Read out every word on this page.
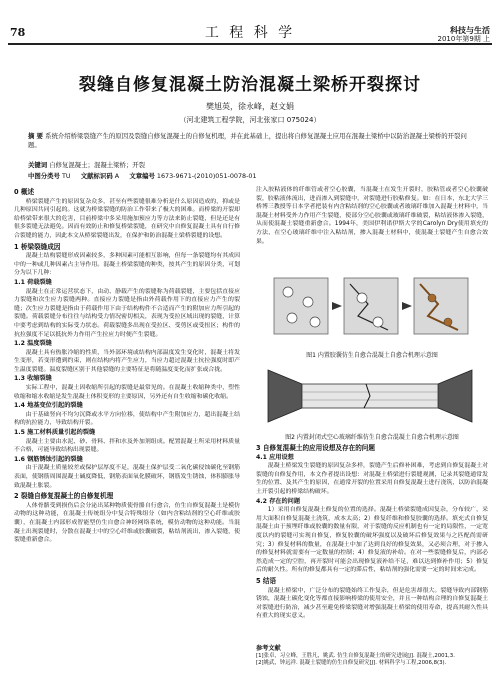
78	工 程 科 学	科技与生活
2010年第9期 上
裂缝自修复混凝土防治混凝土梁桥开裂探讨
樊旭英，徐永峰，赵文娟
（河北建筑工程学院，河北张家口 075024）
摘 要 系统介绍桥梁裂缝产生的原因及裂缝自修复混凝土的自修复机理，并在此基础上，提出将自修复混凝土应用在混凝土梁桥中以防治混凝土梁桥的开裂问题。
关键词 自修复混凝土；混凝土梁桥；开裂
中图分类号 TU 文献标识码 A 文章编号 1673-9671-(2010)051-0078-01
0 概述

桥梁裂缝产生的原因复杂众多，甚至有些裂缝很难分析是什么原因造成的，抑或是几种原因共同引起的。这就为桥梁裂缝的防治工作带来了极大的困难。而桥梁的开裂却给桥梁带来很大的危害，目前桥梁中多采用施加预应力等方法来防止裂缝，但是还是有很多裂缝无法避免。因而有效防止和修复桥梁裂缝，在研究中自修复混凝土具有自行修合裂缝的能力，因此本文从桥梁裂缝出发，在保护和防治混凝土梁桥裂缝的设想。

1 桥梁裂缝成因

混凝土结构裂缝形成因素较多，多种因素可能相互影响，但每一条裂缝均有其成因中的一种或几种因素占主导作用。混凝土桥梁裂缝的种类，按其产生的原因分类，可划分为以下几种：

1.1 荷载裂缝

混凝土在正常运营状态下，由动、静载产生的裂缝称为荷载裂缝，主要包括直接应力裂缝和次生应力裂缝两种。直接应力裂缝是指由外荷载作用下的直接应力产生的裂缝；次生应力裂缝是指由于荷载作用下由于结构构件不合适而产生的附加应力所引起的裂缝。荷载裂缝分布往往与结构受力情况密切相关，表现为受拉区域出现的裂缝，计算中要考虑到结构的实际受力状态。荷载裂缝多出现在受拉区、受剪区或受扭区；构件的抗拉强度不足以抵抗外力作用产生拉应力时便产生裂缝。

1.2 温度裂缝

混凝土具有热胀冷缩的性质，当外部环境或结构内部温度发生变化时，混凝土将发生变形，若变形遭到约束，则在结构内将产生应力，当应力超过混凝土抗拉强度时即产生温度裂缝。温度裂缝区别于其他裂缝的主要特征是将随温度变化而扩张或合拢。

1.3 收缩裂缝

实际工程中，混凝土因收缩所引起的裂缝是最常见的。在混凝土收缩种类中，塑性收缩和缩水收缩是发生混凝土体积变形的主要原因，另外还有自生收缩和碳化收缩。

1.4 地基变位引起的裂缝

由于基础竖向不均匀沉降或水平方向位移，使结构中产生附加应力，超出混凝土结构的抗拉能力，导致结构开裂。

1.5 施工材料质量引起的裂缝

混凝土主要由水泥、砂、骨料、拌和水及外加剂组成。配置混凝土所采用材料质量不合格，可能导致结构出现裂缝。

1.6 钢筋锈蚀引起的裂缝

由于混凝土质量较差或保护层厚度不足，混凝土保护层受二氧化碳侵蚀碳化至钢筋表面，使钢筋周围混凝土碱度降低，钢筋表面氧化膜破坏，钢筋发生锈蚀，体积膨胀导致混凝土胀裂。

2 裂缝自修复混凝土的自修复机理

人体骨骼受到损伤后会分泌出某种物质使骨骼自行愈合，仿生自修复混凝土是模仿动物的这种功能，在混凝土传统组分中复合特殊组分（如内含粘结剂的空心纤维或胶囊），在混凝土内部形成智能型仿生自愈合神经网络系统，模仿动物的这种功能。当混凝土出现裂缝时，分散在混凝土中的空心纤维或胶囊破裂，粘结剂流出，渗入裂缝，使裂缝重新愈合。

注入胶粘液体的纤维管或者空心胶囊，当混凝土在发生开裂时，胶粘管或者空心胶囊破裂，胶粘液体流出，进而渗入到裂缝中，对裂缝进行胶粘修复。如：在日本，东北大学三桥博三教授等日本学者把装有内含粘结剂的空心胶囊或者玻璃纤维加入混凝土材料中，当混凝土材料受外力作用产生裂缝，使部分空心胶囊或玻璃纤维破裂，粘结液体渗入裂缝，从而使混凝土裂缝重新愈合。1994年，美国伊利诺伊斯大学的Carolyn Dry使用填充的方法，在空心玻璃纤维中注入粘结剂，掺入混凝土材料中，使混凝土裂缝产生自愈合效果。

图1 内置胶囊仿生自愈合混凝土自愈合机理示意图
图2 内置封闭式空心玻璃纤维仿生自愈合混凝土自愈合机理示意图
3 自修复混凝土的应用设想及存在的问题
4.1 应用设想

混凝土桥梁发生裂缝的原因复杂多样，裂缝产生后修补困难，考虑到自修复混凝土对裂缝的自修复作用，本文作者提出设想：对混凝土桥梁进行裂缝观测，记录其裂缝通常发生的位置、及其产生的原因，在通常开裂的位置采用自修复混凝土进行浇筑，以防治混凝土开裂引起的桥梁结构破坏。

4.2 存在的问题

1）采用自修复混凝土修复的位置的选择。混凝土桥梁裂缝成因复杂，分布较广，采用大面积自修复混凝土浇筑，成本太高；2）修复纤维和修复胶囊的选择。填充式自修复混凝土由于预埋纤维或胶囊的数量有限，对于裂缝的反应机制也有一定的局限性，一定宽度以内的裂缝可实现自修复，修复胶囊的破坏强度以及破坏后修复效果与之匹配尚需研究；3）修复材料的数量，在混凝土中加了达到良好的修复效果，又必须合理，对于掺入的修复材料就需要有一定数量的控制；4）修复液的补给。在对一些裂缝修复后，内部必然造成一定的空腔，再开裂时可能会出现修复液补给不足，难以达到修补作用；5）修复后的耐久性。所有的修复都具有一定的滞后性，粘结剂的强化需要一定的时间来完成。

5 结语

混凝土桥梁中，广泛分布的裂缝始终工作复杂，但是危害却很大。裂缝导致内部钢筋锈蚀，混凝土碳化变化等都直接影响桥梁的使用安全，并且一种结构合理的自修复混凝土对裂缝进行防治，减少甚至避免桥梁裂缝对增强混凝土桥梁的使用寿命，提高其耐久性具有重大的现实意义。

参考文献
[1]张卓，习立峰，王胜凡，姚武. 仿生自修复混凝土的研究进展[J]. 混凝土,2001,3.
[2]姚武，钟远祥. 混凝土裂缝的仿生自修复研究[J]. 材料科学与工程,2006,8(3).
